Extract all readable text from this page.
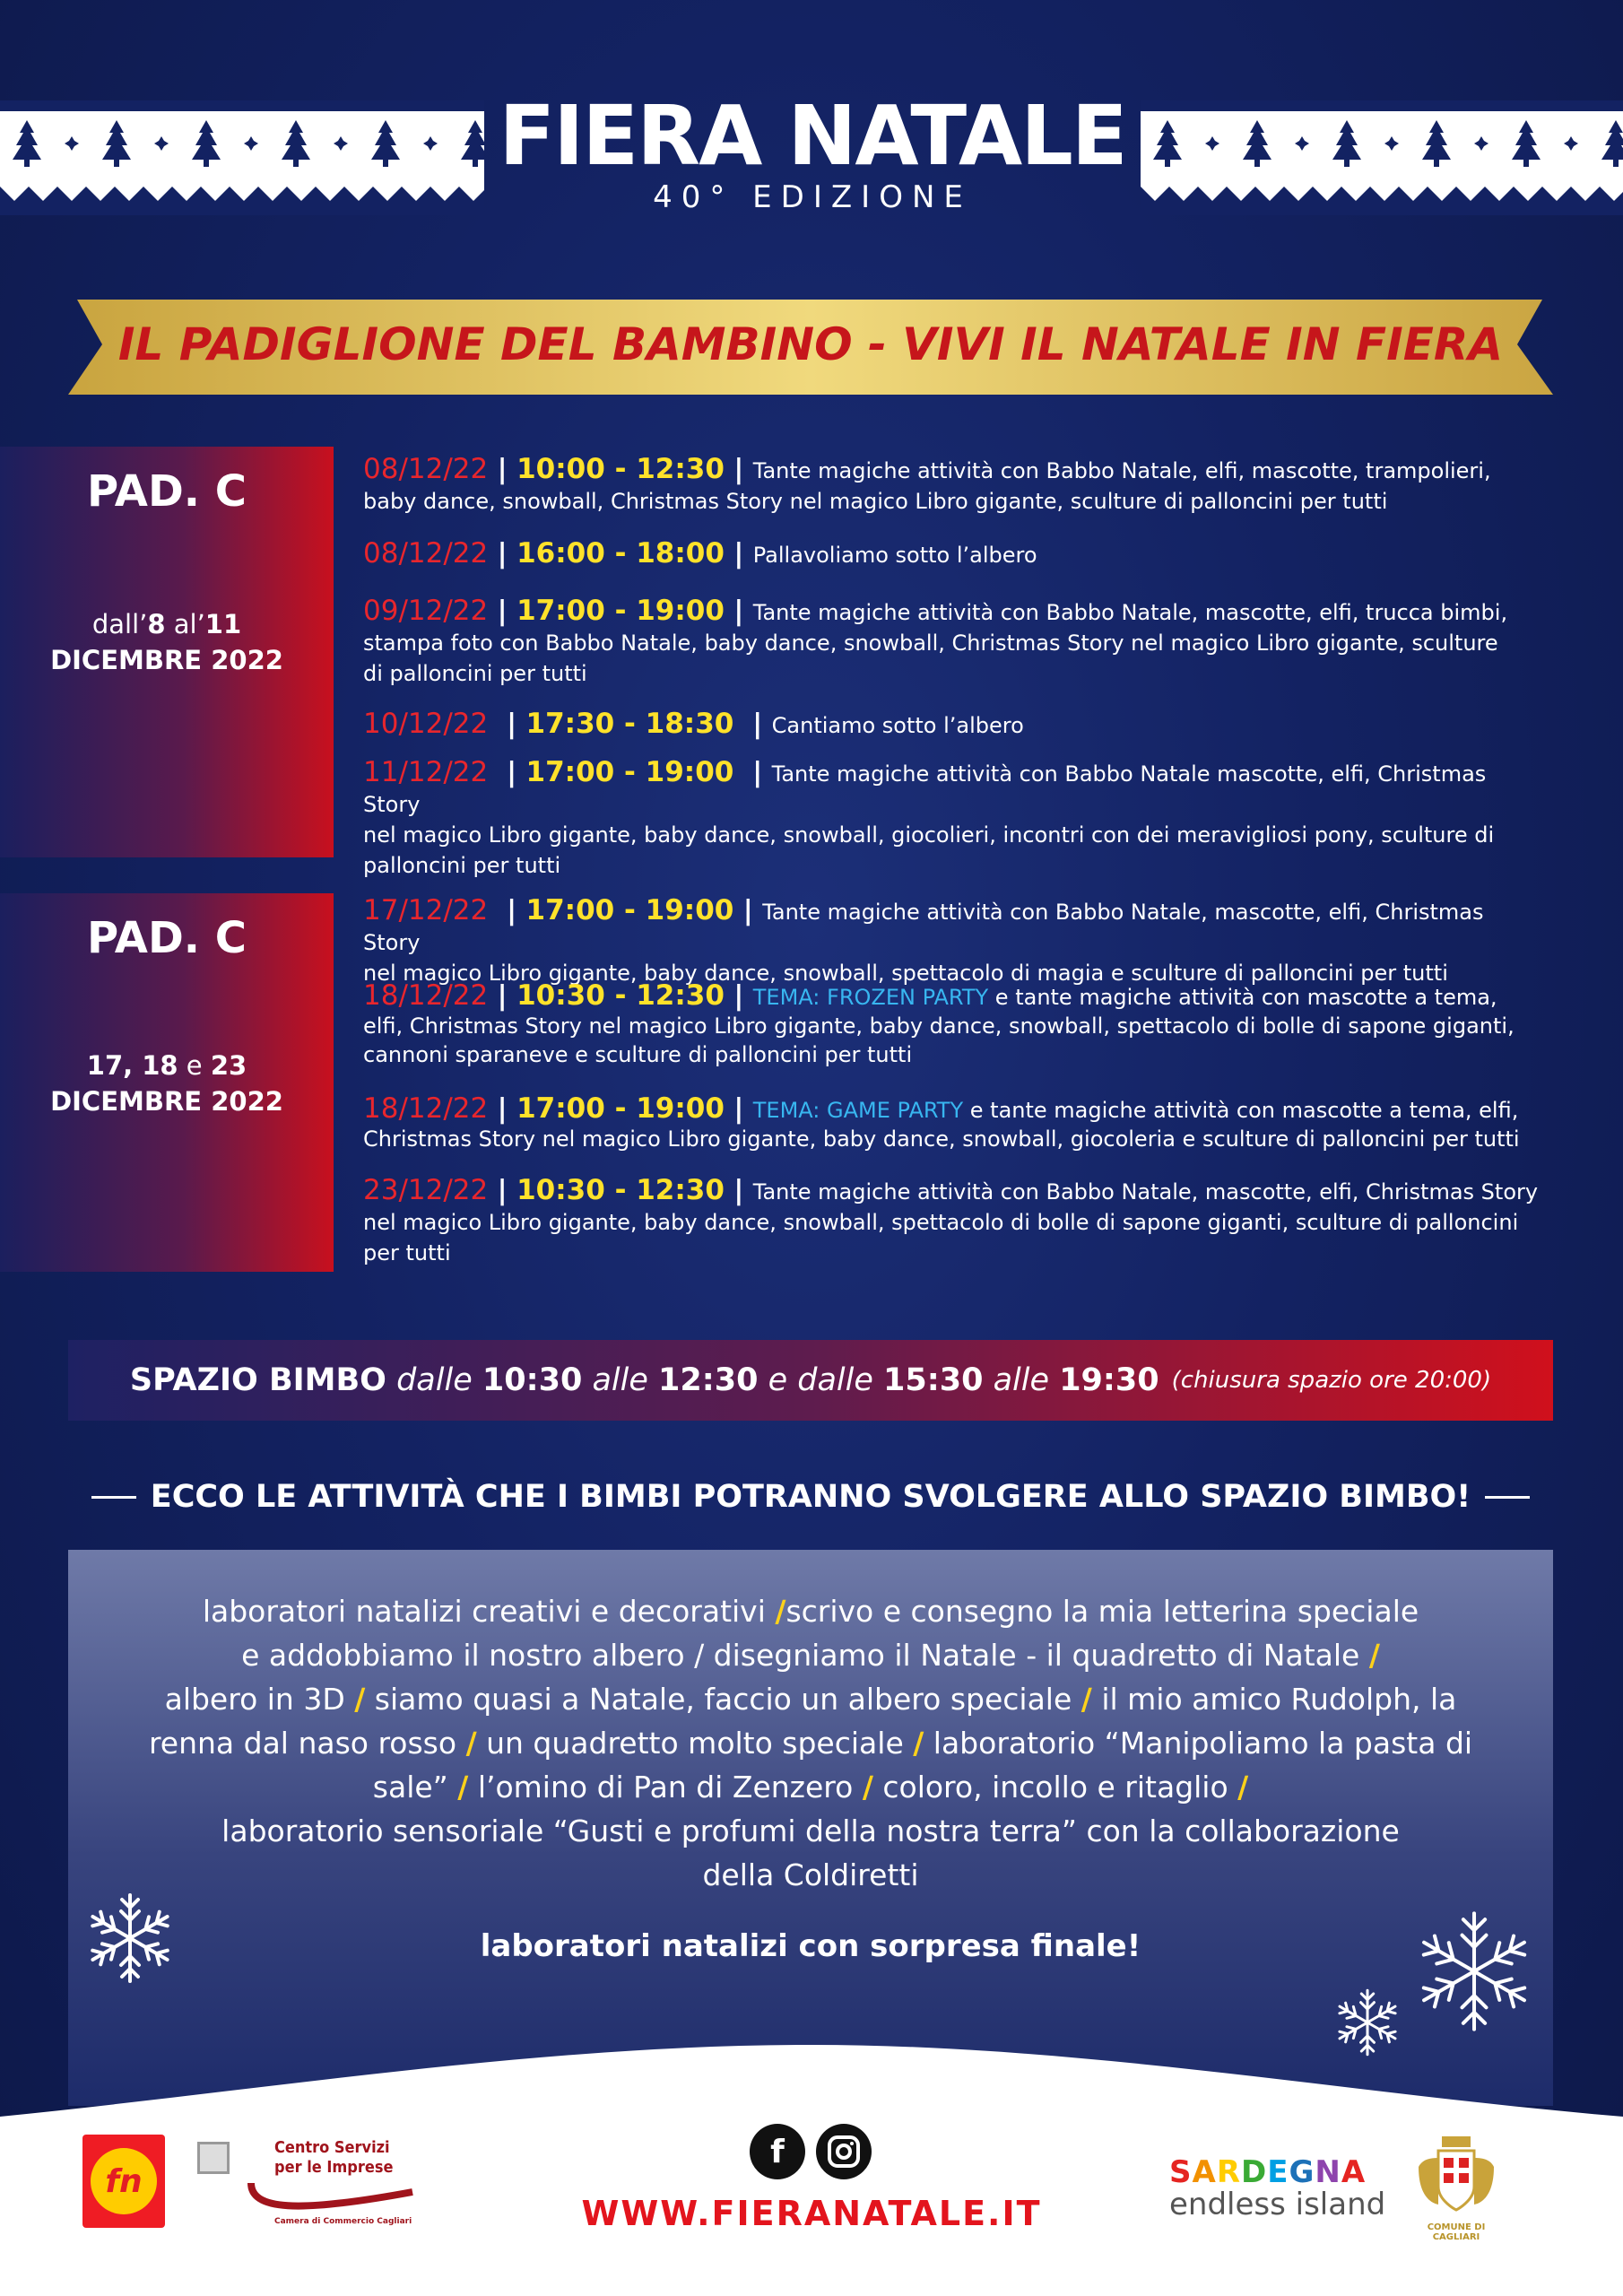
FIERA NATALE
40° EDIZIONE
IL PADIGLIONE DEL BAMBINO - VIVI IL NATALE IN FIERA
PAD. C
dall’8 al’11
DICEMBRE 2022
08/12/22 | 10:00 - 12:30 | Tante magiche attività con Babbo Natale, elfi, mascotte, trampolieri,
baby dance, snowball, Christmas Story nel magico Libro gigante, sculture di palloncini per tutti
08/12/22 | 16:00 - 18:00 | Pallavoliamo sotto l’albero
09/12/22 | 17:00 - 19:00 | Tante magiche attività con Babbo Natale, mascotte, elfi, trucca bimbi,
stampa foto con Babbo Natale, baby dance, snowball, Christmas Story nel magico Libro gigante, sculture
di palloncini per tutti
10/12/22  | 17:30 - 18:30  | Cantiamo sotto l’albero
11/12/22  | 17:00 - 19:00  | Tante magiche attività con Babbo Natale mascotte, elfi, Christmas Story
nel magico Libro gigante, baby dance, snowball, giocolieri, incontri con dei meravigliosi pony, sculture di
palloncini per tutti
PAD. C
17, 18 e 23
DICEMBRE 2022
17/12/22  | 17:00 - 19:00 | Tante magiche attività con Babbo Natale, mascotte, elfi, Christmas Story
nel magico Libro gigante, baby dance, snowball, spettacolo di magia e sculture di palloncini per tutti
18/12/22 | 10:30 - 12:30 | TEMA: FROZEN PARTY e tante magiche attività con mascotte a tema,
elfi, Christmas Story nel magico Libro gigante, baby dance, snowball, spettacolo di bolle di sapone giganti,
cannoni sparaneve e sculture di palloncini per tutti
18/12/22 | 17:00 - 19:00 | TEMA: GAME PARTY e tante magiche attività con mascotte a tema, elfi,
Christmas Story nel magico Libro gigante, baby dance, snowball, giocoleria e sculture di palloncini per tutti
23/12/22 | 10:30 - 12:30 | Tante magiche attività con Babbo Natale, mascotte, elfi, Christmas Story
nel magico Libro gigante, baby dance, snowball, spettacolo di bolle di sapone giganti, sculture di palloncini
per tutti
SPAZIO BIMBO
dalle
10:30
alle
12:30
e dalle
15:30
alle
19:30 (chiusura spazio ore 20:00)
ECCO LE ATTIVITÀ CHE I BIMBI POTRANNO SVOLGERE ALLO SPAZIO BIMBO!
laboratori natalizi creativi e decorativi /scrivo e consegno la mia letterina speciale
e addobbiamo il nostro albero / disegniamo il Natale - il quadretto di Natale /
albero in 3D / siamo quasi a Natale, faccio un albero speciale / il mio amico Rudolph, la
renna dal naso rosso / un quadretto molto speciale / laboratorio “Manipoliamo la pasta di
sale” / l’omino di Pan di Zenzero / coloro, incollo e ritaglio /
laboratorio sensoriale “Gusti e profumi della nostra terra” con la collaborazione
della Coldiretti
laboratori natalizi con sorpresa finale!
fn
Centro Servizi
per le Imprese
Camera di Commercio Cagliari
f
WWW.FIERANATALE.IT
SARDEGNA
endless island
COMUNE DI CAGLIARI
